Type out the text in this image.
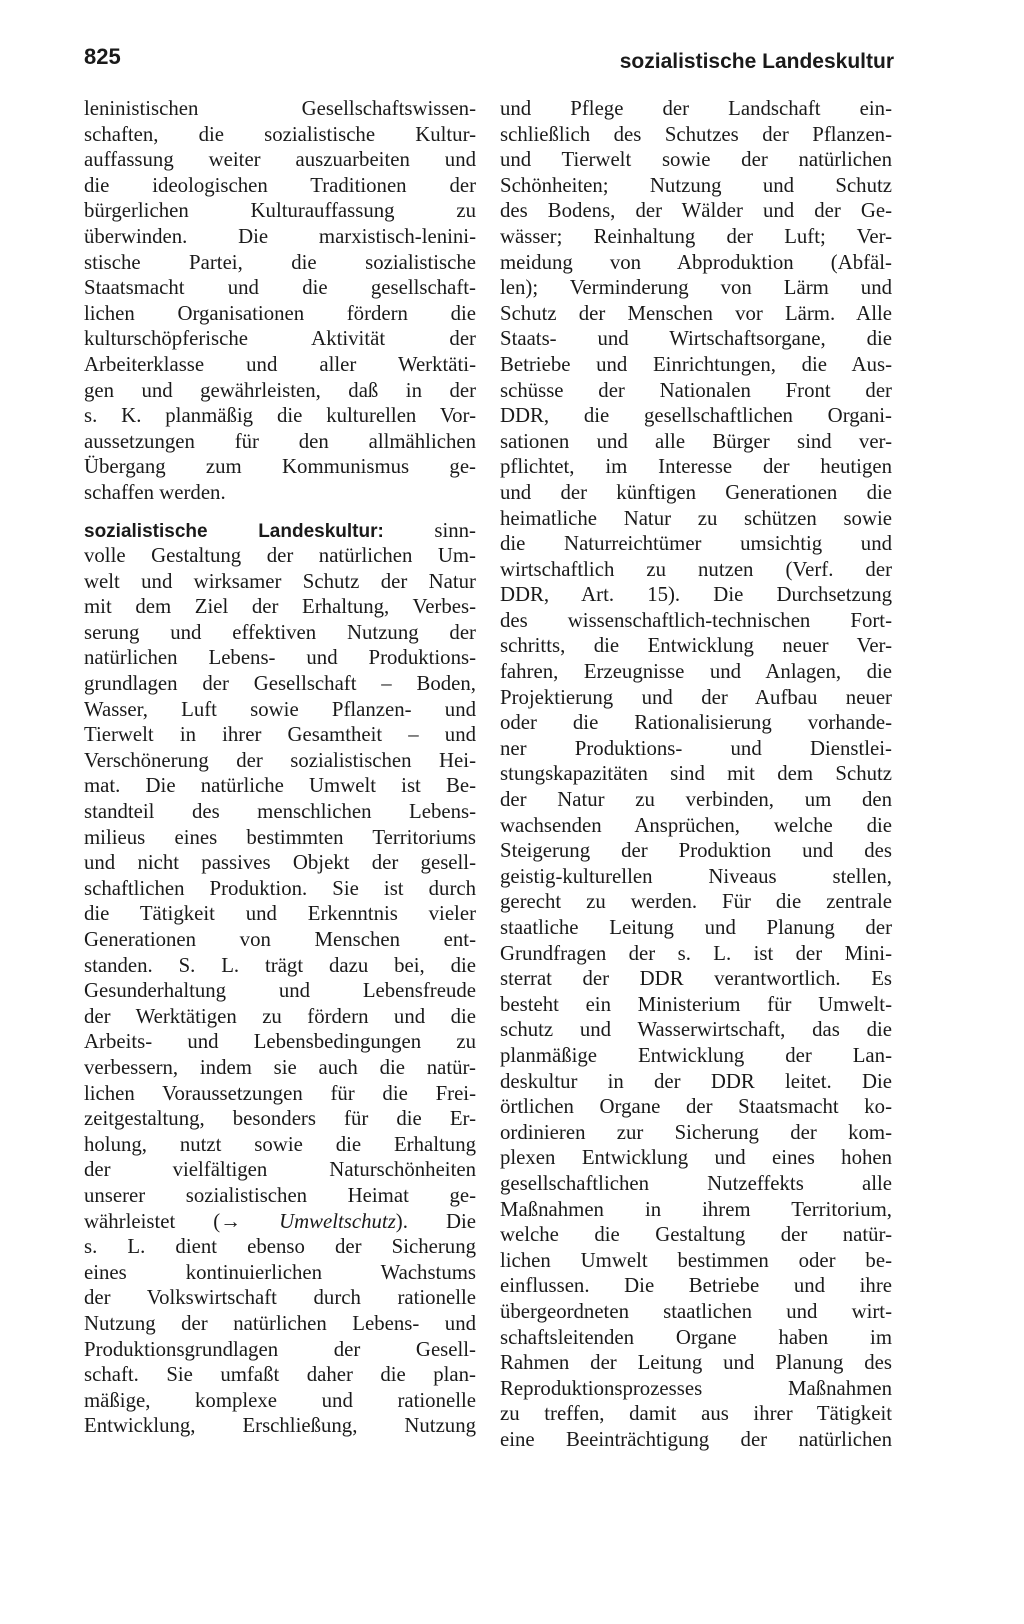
825	sozialistische Landeskultur
leninistischen Gesellschaftswissen-
schaften, die sozialistische Kultur-
auffassung weiter auszuarbeiten und
die ideologischen Traditionen der
bürgerlichen Kulturauffassung zu
überwinden. Die marxistisch-lenini-
stische Partei, die sozialistische
Staatsmacht und die gesellschaft-
lichen Organisationen fördern die
kulturschöpferische Aktivität der
Arbeiterklasse und aller Werktäti-
gen und gewährleisten, daß in der
s. K. planmäßig die kulturellen Vor-
aussetzungen für den allmählichen
Übergang zum Kommunismus ge-
schaffen werden.
sozialistische Landeskultur: sinn-
volle Gestaltung der natürlichen Um-
welt und wirksamer Schutz der Natur
mit dem Ziel der Erhaltung, Verbes-
serung und effektiven Nutzung der
natürlichen Lebens- und Produktions-
grundlagen der Gesellschaft – Boden,
Wasser, Luft sowie Pflanzen- und
Tierwelt in ihrer Gesamtheit – und
Verschönerung der sozialistischen Hei-
mat. Die natürliche Umwelt ist Be-
standteil des menschlichen Lebens-
milieus eines bestimmten Territoriums
und nicht passives Objekt der gesell-
schaftlichen Produktion. Sie ist durch
die Tätigkeit und Erkenntnis vieler
Generationen von Menschen ent-
standen. S. L. trägt dazu bei, die
Gesunderhaltung und Lebensfreude
der Werktätigen zu fördern und die
Arbeits- und Lebensbedingungen zu
verbessern, indem sie auch die natür-
lichen Voraussetzungen für die Frei-
zeitgestaltung, besonders für die Er-
holung, nutzt sowie die Erhaltung
der vielfältigen Naturschönheiten
unserer sozialistischen Heimat ge-
währleistet (→ Umweltschutz). Die
s. L. dient ebenso der Sicherung
eines kontinuierlichen Wachstums
der Volkswirtschaft durch rationelle
Nutzung der natürlichen Lebens- und
Produktionsgrundlagen der Gesell-
schaft. Sie umfaßt daher die plan-
mäßige, komplexe und rationelle
Entwicklung, Erschließung, Nutzung
und Pflege der Landschaft ein-
schließlich des Schutzes der Pflanzen-
und Tierwelt sowie der natürlichen
Schönheiten; Nutzung und Schutz
des Bodens, der Wälder und der Ge-
wässer; Reinhaltung der Luft; Ver-
meidung von Abproduktion (Abfäl-
len); Verminderung von Lärm und
Schutz der Menschen vor Lärm. Alle
Staats- und Wirtschaftsorgane, die
Betriebe und Einrichtungen, die Aus-
schüsse der Nationalen Front der
DDR, die gesellschaftlichen Organi-
sationen und alle Bürger sind ver-
pflichtet, im Interesse der heutigen
und der künftigen Generationen die
heimatliche Natur zu schützen sowie
die Naturreichtümer umsichtig und
wirtschaftlich zu nutzen (Verf. der
DDR, Art. 15). Die Durchsetzung
des wissenschaftlich-technischen Fort-
schritts, die Entwicklung neuer Ver-
fahren, Erzeugnisse und Anlagen, die
Projektierung und der Aufbau neuer
oder die Rationalisierung vorhande-
ner Produktions- und Dienstlei-
stungskapazitäten sind mit dem Schutz
der Natur zu verbinden, um den
wachsenden Ansprüchen, welche die
Steigerung der Produktion und des
geistig-kulturellen Niveaus stellen,
gerecht zu werden. Für die zentrale
staatliche Leitung und Planung der
Grundfragen der s. L. ist der Mini-
sterrat der DDR verantwortlich. Es
besteht ein Ministerium für Umwelt-
schutz und Wasserwirtschaft, das die
planmäßige Entwicklung der Lan-
deskultur in der DDR leitet. Die
örtlichen Organe der Staatsmacht ko-
ordinieren zur Sicherung der kom-
plexen Entwicklung und eines hohen
gesellschaftlichen Nutzeffekts alle
Maßnahmen in ihrem Territorium,
welche die Gestaltung der natür-
lichen Umwelt bestimmen oder be-
einflussen. Die Betriebe und ihre
übergeordneten staatlichen und wirt-
schaftsleitenden Organe haben im
Rahmen der Leitung und Planung des
Reproduktionsprozesses Maßnahmen
zu treffen, damit aus ihrer Tätigkeit
eine Beeinträchtigung der natürlichen
